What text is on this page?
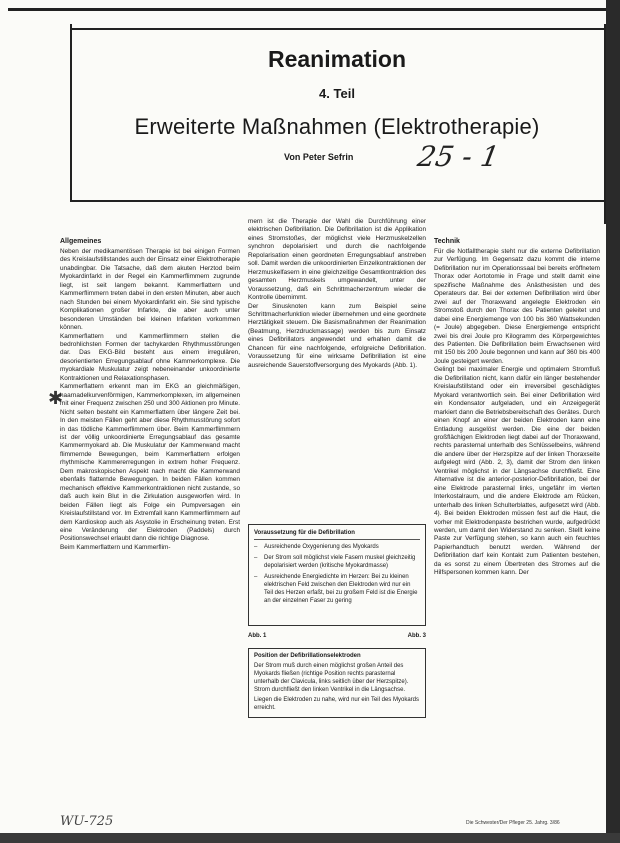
Reanimation
4. Teil
Erweiterte Maßnahmen (Elektrotherapie)
Von Peter Sefrin 25 - 1
Allgemeines	Technik
✱

Neben der medikamentösen Therapie ist bei einigen Formen des Kreislaufstillstandes auch der Einsatz einer Elektrotherapie unabdingbar. Die Tatsache, daß dem akuten Herztod beim Myokardinfarkt in der Regel ein Kammerflimmern zugrunde liegt, ist seit langem bekannt. Kammerflattern und Kammerflimmern treten dabei in den ersten Minuten, aber auch nach Stunden bei einem Myokardinfarkt ein. Sie sind typische Komplikationen großer Infarkte, die aber auch unter besonderen Umständen bei kleinen Infarkten vorkommen können.

Kammerflattern und Kammerflimmern stellen die bedrohlichsten Formen der tachykarden Rhythmusstörungen dar. Das EKG-Bild besteht aus einem irregulären, desorientierten Erregungsablauf ohne Kammerkomplexe. Die myokardiale Muskulatur zeigt nebeneinander unkoordinierte Kontraktionen und Relaxationsphasen.

Kammerflattern erkennt man im EKG an gleichmäßigen, haarnadelkurvenförmigen, Kammerkomplexen, im allgemeinen mit einer Frequenz zwischen 250 und 300 Aktionen pro Minute. Nicht selten besteht ein Kammerflattern über längere Zeit bei. In den meisten Fällen geht aber diese Rhythmusstörung sofort in das tödliche Kammerflimmern über. Beim Kammerflimmern ist der völlig unkoordinierte Erregungsablauf das gesamte Kammermyokard ab. Die Muskulatur der Kammerwand macht flimmernde Bewegungen, beim Kammerflattern erfolgen rhythmische Kammererregungen in extrem hoher Frequenz. Dem makroskopischen Aspekt nach macht die Kammerwand ebenfalls flatternde Bewegungen. In beiden Fällen kommen mechanisch effektive Kammerkontraktionen nicht zustande, so daß auch kein Blut in die Zirkulation ausgeworfen wird. In beiden Fällen liegt als Folge ein Pumpversagen ein Kreislaufstillstand vor. Im Extremfall kann Kammerflimmern auf dem Kardioskop auch als Asystolie in Erscheinung treten. Erst eine Veränderung der Elektroden (Paddels) durch Positionswechsel erlaubt dann die richtige Diagnose.

Beim Kammerflattern und Kammerflim-

mern ist die Therapie der Wahl die Durchführung einer elektrischen Defibrillation. Die Defibrillation ist die Applikation eines Stromstoßes, der möglichst viele Herzmuskelzellen synchron depolarisiert und durch die nachfolgende Repolarisation einen geordneten Erregungsablauf anstreben soll. Damit werden die unkoordinierten Einzelkontraktionen der Herzmuskelfasern in eine gleichzeitige Gesamtkontraktion des gesamten Herzmuskels umgewandelt, unter der Voraussetzung, daß ein Schrittmacherzentrum wieder die Kontrolle übernimmt.

Der Sinusknoten kann zum Beispiel seine Schrittmacherfunktion wieder übernehmen und eine geordnete Herztätigkeit steuern. Die Basismaßnahmen der Reanimation (Beatmung, Herzdruckmassage) werden bis zum Einsatz eines Defibrillators angewendet und erhalten damit die Chancen für eine nachfolgende, erfolgreiche Defibrillation. Voraussetzung für eine wirksame Defibrillation ist eine ausreichende Sauerstoffversorgung des Myokards (Abb. 1).

Voraussetzung für die Defibrillation
–	Ausreichende Oxygenierung des Myokards
–	Der Strom soll möglichst viele Fasern muskel gleichzeitig depolarisiert werden (kritische Myokardmasse)
–	Ausreichende Energiedichte im Herzen: Bei zu kleinen elektrischen Feld zwischen den Elektroden wird nur ein Teil des Herzen erfaßt, bei zu großem Feld ist die Energie an der einzelnen Faser zu gering
Abb. 1	Abb. 3
Position der Defibrillationselektroden

Der Strom muß durch einen möglichst großen Anteil des Myokards fließen (richtige Position rechts parasternal unterhalb der Clavicula, links seitlich über der Herzspitze). Strom durchfließt den linken Ventrikel in die Längsachse.

Liegen die Elektroden zu nahe, wird nur ein Teil des Myokards erreicht.

Für die Notfalltherapie steht nur die externe Defibrillation zur Verfügung. Im Gegensatz dazu kommt die interne Defibrillation nur im Operationssaal bei bereits eröffnetem Thorax oder Aortotomie in Frage und stellt damit eine spezifische Maßnahme des Anästhesisten und des Operateurs dar. Bei der externen Defibrillation wird über zwei auf der Thoraxwand angelegte Elektroden ein Stromstoß durch den Thorax des Patienten geleitet und dabei eine Energiemenge von 100 bis 360 Wattsekunden (= Joule) abgegeben. Diese Energiemenge entspricht zwei bis drei Joule pro Kilogramm des Körpergewichtes des Patienten. Die Defibrillation beim Erwachsenen wird mit 150 bis 200 Joule begonnen und kann auf 360 bis 400 Joule gesteigert werden.

Gelingt bei maximaler Energie und optimalem Stromfluß die Defibrillation nicht, kann dafür ein länger bestehender Kreislaufstillstand oder ein irreversibel geschädigtes Myokard verantwortlich sein. Bei einer Defibrillation wird ein Kondensator aufgeladen, und ein Anzeigegerät markiert dann die Betriebsbereitschaft des Gerätes. Durch einen Knopf an einer der beiden Elektroden kann eine Entladung ausgelöst werden. Die eine der beiden großflächigen Elektroden liegt dabei auf der Thoraxwand, rechts parasternal unterhalb des Schlüsselbeins, während die andere über der Herzspitze auf der linken Thoraxseite aufgelegt wird (Abb. 2, 3), damit der Strom den linken Ventrikel möglichst in der Längsachse durchfließt. Eine Alternative ist die anterior-posterior-Defibrillation, bei der eine Elektrode parasternal links, ungefähr im vierten Interkostalraum, und die andere Elektrode am Rücken, unterhalb des linken Schulterblattes, aufgesetzt wird (Abb. 4). Bei beiden Elektroden müssen fest auf die Haut, die vorher mit Elektrodenpaste bestrichen wurde, aufgedrückt werden, um damit den Widerstand zu senken. Stellt keine Paste zur Verfügung stehen, so kann auch ein feuchtes Papierhandtuch benutzt werden. Während der Defibrillation darf kein Kontakt zum Patienten bestehen, da es sonst zu einem Übertreten des Stromes auf die Hilfspersonen kommen kann. Der

WU-725	Die Schwester/Der Pfleger 25. Jahrg. 3/86
